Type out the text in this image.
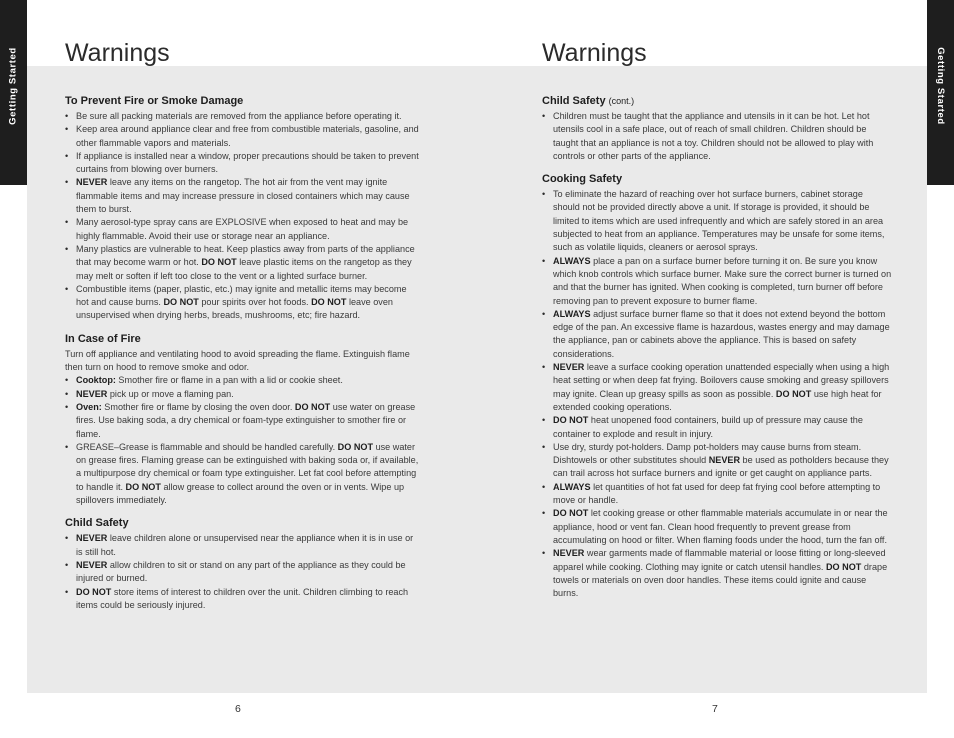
Getting Started Warnings
To Prevent Fire or Smoke Damage
• Be sure all packing materials are removed from the appliance before operating it.
• Keep area around appliance clear and free from combustible materials, gasoline, and other flammable vapors and materials.
• If appliance is installed near a window, proper precautions should be taken to prevent curtains from blowing over burners.
• NEVER leave any items on the rangetop. The hot air from the vent may ignite flammable items and may increase pressure in closed containers which may cause them to burst.
• Many aerosol-type spray cans are EXPLOSIVE when exposed to heat and may be highly flammable. Avoid their use or storage near an appliance.
• Many plastics are vulnerable to heat. Keep plastics away from parts of the appliance that may become warm or hot. DO NOT leave plastic items on the rangetop as they may melt or soften if left too close to the vent or a lighted surface burner.
• Combustible items (paper, plastic, etc.) may ignite and metallic items may become hot and cause burns. DO NOT pour spirits over hot foods. DO NOT leave oven unsupervised when drying herbs, breads, mushrooms, etc; fire hazard.
In Case of Fire

Turn off appliance and ventilating hood to avoid spreading the flame. Extinguish flame then turn on hood to remove smoke and odor.

• Cooktop: Smother fire or flame in a pan with a lid or cookie sheet.
• NEVER pick up or move a flaming pan.
• Oven: Smother fire or flame by closing the oven door. DO NOT use water on grease fires. Use baking soda, a dry chemical or foam-type extinguisher to smother fire or flame.
• GREASE–Grease is flammable and should be handled carefully. DO NOT use water on grease fires. Flaming grease can be extinguished with baking soda or, if available, a multipurpose dry chemical or foam type extinguisher. Let fat cool before attempting to handle it. DO NOT allow grease to collect around the oven or in vents. Wipe up spillovers immediately.
Child Safety
• NEVER leave children alone or unsupervised near the appliance when it is in use or is still hot.
• NEVER allow children to sit or stand on any part of the appliance as they could be injured or burned.
• DO NOT store items of interest to children over the unit. Children climbing to reach items could be seriously injured.
6
Getting Started
Warnings
Child Safety (cont.)
• Children must be taught that the appliance and utensils in it can be hot. Let hot utensils cool in a safe place, out of reach of small children. Children should be taught that an appliance is not a toy. Children should not be allowed to play with controls or other parts of the appliance.
Cooking Safety
• To eliminate the hazard of reaching over hot surface burners, cabinet storage should not be provided directly above a unit. If storage is provided, it should be limited to items which are used infrequently and which are safely stored in an area subjected to heat from an appliance. Temperatures may be unsafe for some items, such as volatile liquids, cleaners or aerosol sprays.
• ALWAYS place a pan on a surface burner before turning it on. Be sure you know which knob controls which surface burner. Make sure the correct burner is turned on and that the burner has ignited. When cooking is completed, turn burner off before removing pan to prevent exposure to burner flame.
• ALWAYS adjust surface burner flame so that it does not extend beyond the bottom edge of the pan. An excessive flame is hazardous, wastes energy and may damage the appliance, pan or cabinets above the appliance. This is based on safety considerations.
• NEVER leave a surface cooking operation unattended especially when using a high heat setting or when deep fat frying. Boilovers cause smoking and greasy spillovers may ignite. Clean up greasy spills as soon as possible. DO NOT use high heat for extended cooking operations.
• DO NOT heat unopened food containers, build up of pressure may cause the container to explode and result in injury.
• Use dry, sturdy pot-holders. Damp pot-holders may cause burns from steam. Dishtowels or other substitutes should NEVER be used as potholders because they can trail across hot surface burners and ignite or get caught on appliance parts.
• ALWAYS let quantities of hot fat used for deep fat frying cool before attempting to move or handle.
• DO NOT let cooking grease or other flammable materials accumulate in or near the appliance, hood or vent fan. Clean hood frequently to prevent grease from accumulating on hood or filter. When flaming foods under the hood, turn the fan off.
• NEVER wear garments made of flammable material or loose fitting or long-sleeved apparel while cooking. Clothing may ignite or catch utensil handles. DO NOT drape towels or materials on oven door handles. These items could ignite and cause burns.
7
